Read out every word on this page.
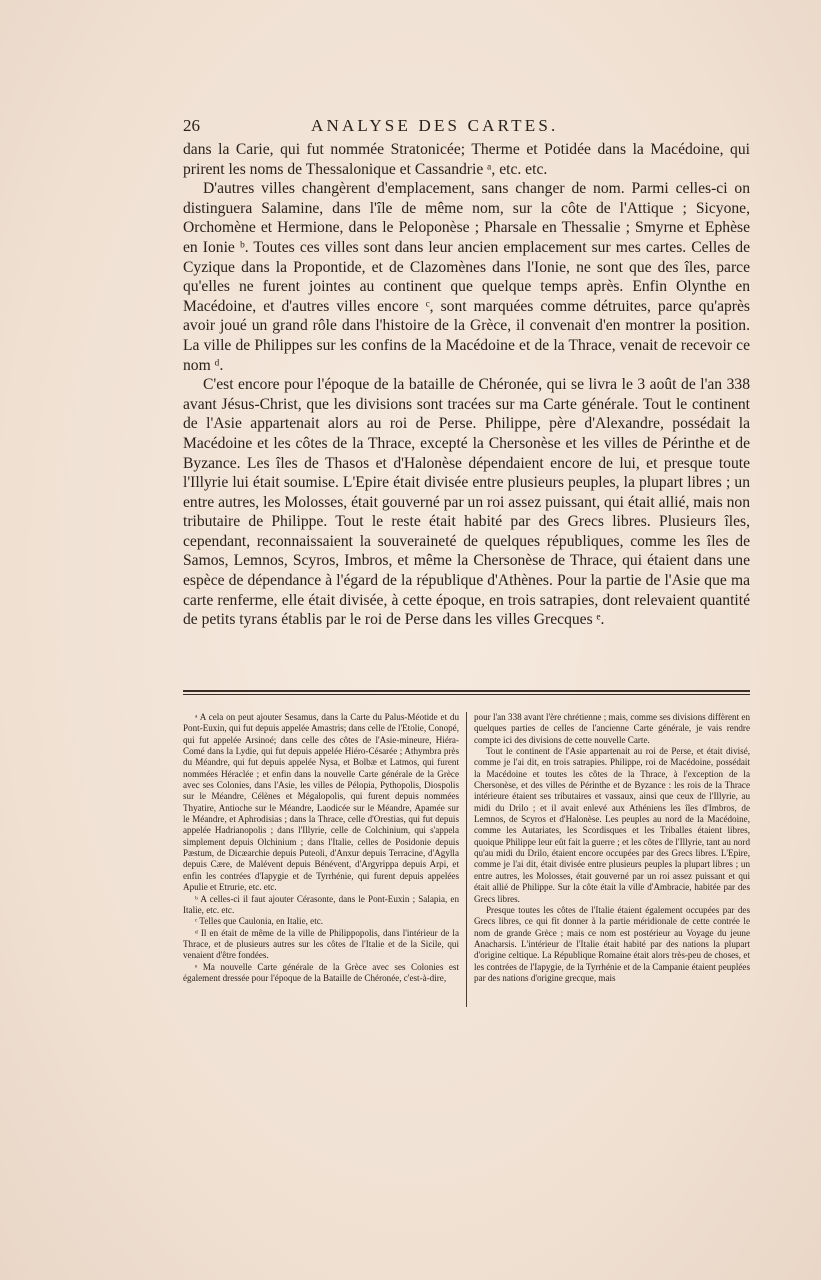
26	ANALYSE DES CARTES.

dans la Carie, qui fut nommée Stratonicée; Therme et Potidée dans la Macédoine, qui prirent les noms de Thessalonique et Cassandrie ᵃ, etc. etc.

D'autres villes changèrent d'emplacement, sans changer de nom. Parmi celles-ci on distinguera Salamine, dans l'île de même nom, sur la côte de l'Attique ; Sicyone, Orchomène et Hermione, dans le Peloponèse ; Pharsale en Thessalie ; Smyrne et Ephèse en Ionie ᵇ. Toutes ces villes sont dans leur ancien emplacement sur mes cartes. Celles de Cyzique dans la Propontide, et de Clazomènes dans l'Ionie, ne sont que des îles, parce qu'elles ne furent jointes au continent que quelque temps après. Enfin Olynthe en Macédoine, et d'autres villes encore ᶜ, sont marquées comme détruites, parce qu'après avoir joué un grand rôle dans l'histoire de la Grèce, il convenait d'en montrer la position. La ville de Philippes sur les confins de la Macédoine et de la Thrace, venait de recevoir ce nom ᵈ.

C'est encore pour l'époque de la bataille de Chéronée, qui se livra le 3 août de l'an 338 avant Jésus-Christ, que les divisions sont tracées sur ma Carte générale. Tout le continent de l'Asie appartenait alors au roi de Perse. Philippe, père d'Alexandre, possédait la Macédoine et les côtes de la Thrace, excepté la Chersonèse et les villes de Périnthe et de Byzance. Les îles de Thasos et d'Halonèse dépendaient encore de lui, et presque toute l'Illyrie lui était soumise. L'Epire était divisée entre plusieurs peuples, la plupart libres ; un entre autres, les Molosses, était gouverné par un roi assez puissant, qui était allié, mais non tributaire de Philippe. Tout le reste était habité par des Grecs libres. Plusieurs îles, cependant, reconnaissaient la souveraineté de quelques républiques, comme les îles de Samos, Lemnos, Scyros, Imbros, et même la Chersonèse de Thrace, qui étaient dans une espèce de dépendance à l'égard de la république d'Athènes. Pour la partie de l'Asie que ma carte renferme, elle était divisée, à cette époque, en trois satrapies, dont relevaient quantité de petits tyrans établis par le roi de Perse dans les villes Grecques ᵉ.

ᵃ A cela on peut ajouter Sesamus, dans la Carte du Palus-Méotide et du Pont-Euxin, qui fut depuis appelée Amastris; dans celle de l'Etolie, Conopé, qui fut appelée Arsinoé; dans celle des côtes de l'Asie-mineure, Hiéra-Comé dans la Lydie, qui fut depuis appelée Hiéro-Césarée ; Athymbra près du Méandre, qui fut depuis appelée Nysa, et Bolbæ et Latmos, qui furent nommées Héraclée ; et enfin dans la nouvelle Carte générale de la Grèce avec ses Colonies, dans l'Asie, les villes de Pélopia, Pythopolis, Diospolis sur le Méandre, Célènes et Mégalopolis, qui furent depuis nommées Thyatire, Antioche sur le Méandre, Laodicée sur le Méandre, Apamée sur le Méandre, et Aphrodisias ; dans la Thrace, celle d'Orestias, qui fut depuis appelée Hadrianopolis ; dans l'Illyrie, celle de Colchinium, qui s'appela simplement depuis Olchinium ; dans l'Italie, celles de Posidonie depuis Pæstum, de Dicæarchie depuis Puteoli, d'Anxur depuis Terracine, d'Agylla depuis Cære, de Malévent depuis Bénévent, d'Argyrippa depuis Arpi, et enfin les contrées d'Iapygie et de Tyrrhénie, qui furent depuis appelées Apulie et Etrurie, etc. etc.

ᵇ A celles-ci il faut ajouter Cérasonte, dans le Pont-Euxin ; Salapia, en Italie, etc. etc.

ᶜ Telles que Caulonia, en Italie, etc.

ᵈ Il en était de même de la ville de Philippopolis, dans l'intérieur de la Thrace, et de plusieurs autres sur les côtes de l'Italie et de la Sicile, qui venaient d'être fondées.

ᵉ Ma nouvelle Carte générale de la Grèce avec ses Colonies est également dressée pour l'époque de la Bataille de Chéronée, c'est-à-dire,

pour l'an 338 avant l'ère chrétienne ; mais, comme ses divisions diffèrent en quelques parties de celles de l'ancienne Carte générale, je vais rendre compte ici des divisions de cette nouvelle Carte.

Tout le continent de l'Asie appartenait au roi de Perse, et était divisé, comme je l'ai dit, en trois satrapies. Philippe, roi de Macédoine, possédait la Macédoine et toutes les côtes de la Thrace, à l'exception de la Chersonèse, et des villes de Périnthe et de Byzance : les rois de la Thrace intérieure étaient ses tributaires et vassaux, ainsi que ceux de l'Illyrie, au midi du Drilo ; et il avait enlevé aux Athéniens les îles d'Imbros, de Lemnos, de Scyros et d'Halonèse. Les peuples au nord de la Macédoine, comme les Autariates, les Scordisques et les Triballes étaient libres, quoique Philippe leur eût fait la guerre ; et les côtes de l'Illyrie, tant au nord qu'au midi du Drilo, étaient encore occupées par des Grecs libres. L'Epire, comme je l'ai dit, était divisée entre plusieurs peuples la plupart libres ; un entre autres, les Molosses, était gouverné par un roi assez puissant et qui était allié de Philippe. Sur la côte était la ville d'Ambracie, habitée par des Grecs libres.

Presque toutes les côtes de l'Italie étaient également occupées par des Grecs libres, ce qui fit donner à la partie méridionale de cette contrée le nom de grande Grèce ; mais ce nom est postérieur au Voyage du jeune Anacharsis. L'intérieur de l'Italie était habité par des nations la plupart d'origine celtique. La République Romaine était alors très-peu de choses, et les contrées de l'Iapygie, de la Tyrrhénie et de la Campanie étaient peuplées par des nations d'origine grecque, mais
